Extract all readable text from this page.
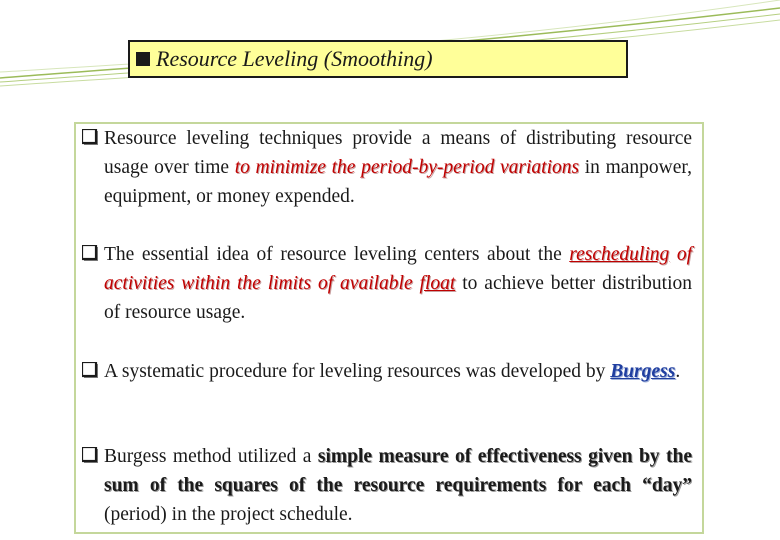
Resource Leveling (Smoothing)
Resource leveling techniques provide a means of distributing resource usage over time to minimize the period-by-period variations in manpower, equipment, or money expended.
The essential idea of resource leveling centers about the rescheduling of activities within the limits of available float to achieve better distribution of resource usage.
A systematic procedure for leveling resources was developed by Burgess.
Burgess method utilized a simple measure of effectiveness given by the sum of the squares of the resource requirements for each “day” (period) in the project schedule.
